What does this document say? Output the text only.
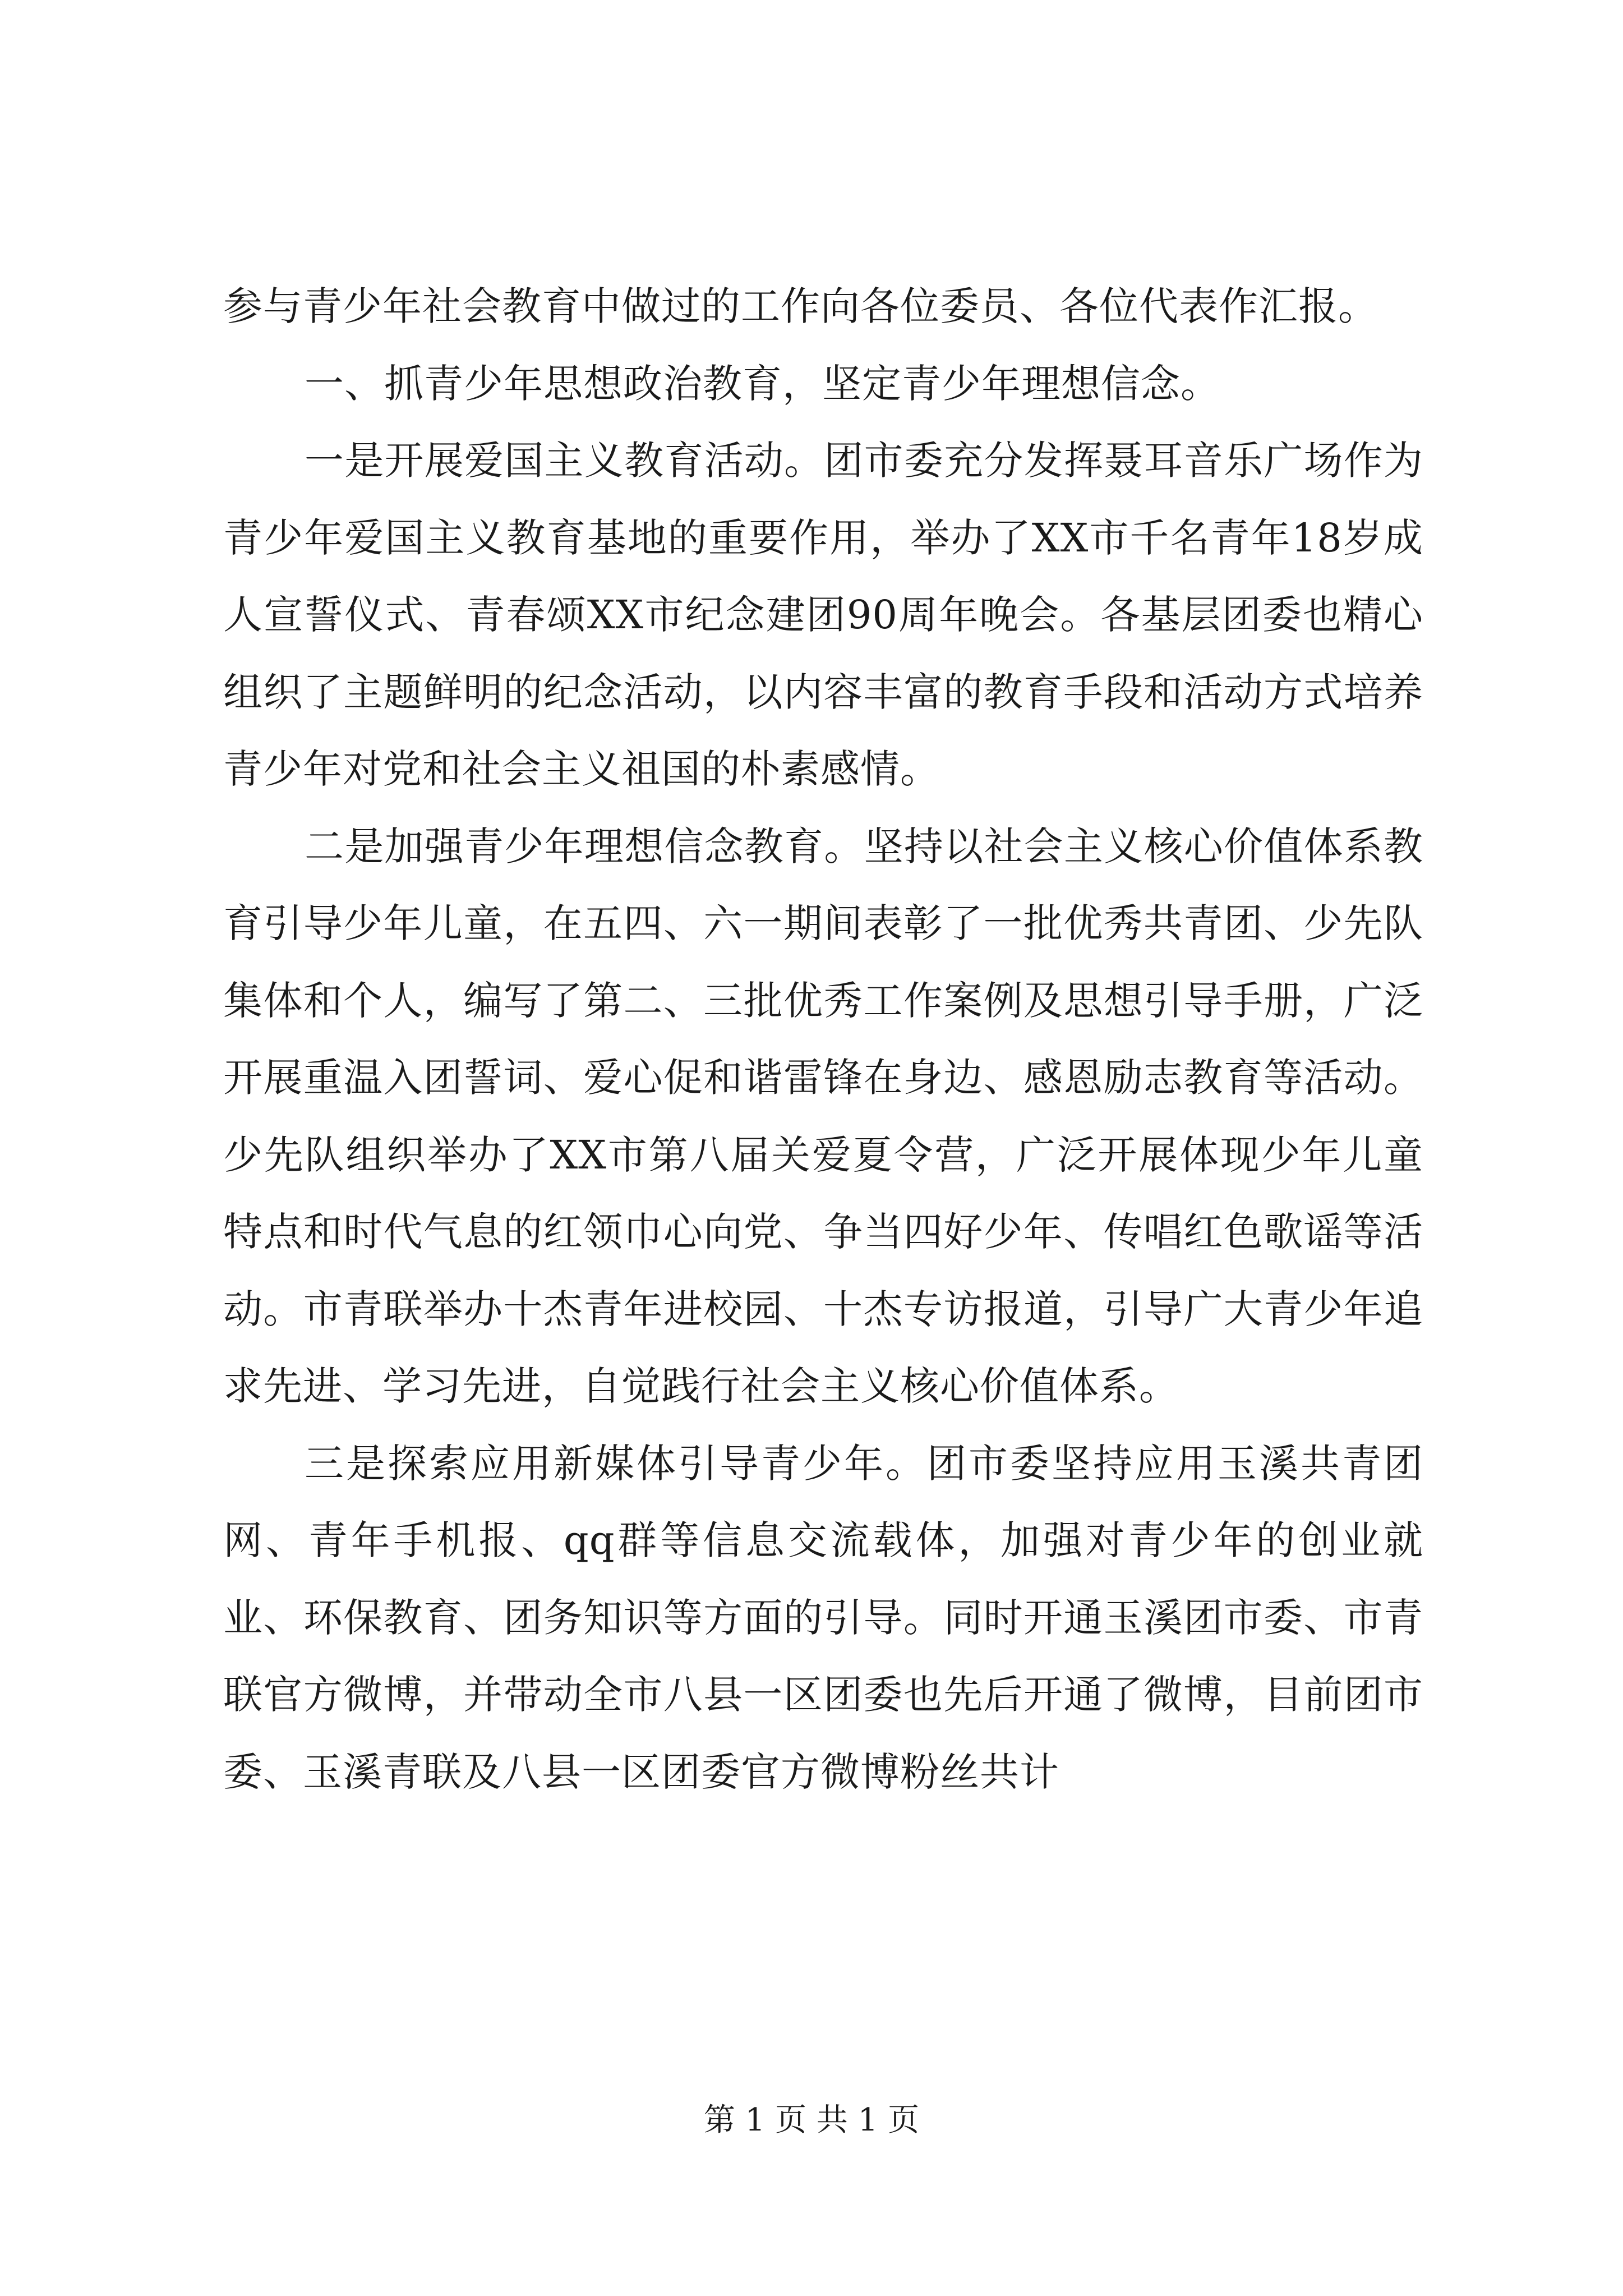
参与青少年社会教育中做过的工作向各位委员、各位代表作汇报。

一、抓青少年思想政治教育，坚定青少年理想信念。

一是开展爱国主义教育活动。团市委充分发挥聂耳音乐广场作为青少年爱国主义教育基地的重要作用，举办了XX市千名青年18岁成人宣誓仪式、青春颂XX市纪念建团90周年晚会。各基层团委也精心组织了主题鲜明的纪念活动，以内容丰富的教育手段和活动方式培养青少年对党和社会主义祖国的朴素感情。

二是加强青少年理想信念教育。坚持以社会主义核心价值体系教育引导少年儿童，在五四、六一期间表彰了一批优秀共青团、少先队集体和个人，编写了第二、三批优秀工作案例及思想引导手册，广泛开展重温入团誓词、爱心促和谐雷锋在身边、感恩励志教育等活动。少先队组织举办了XX市第八届关爱夏令营，广泛开展体现少年儿童特点和时代气息的红领巾心向党、争当四好少年、传唱红色歌谣等活动。市青联举办十杰青年进校园、十杰专访报道，引导广大青少年追求先进、学习先进，自觉践行社会主义核心价值体系。

三是探索应用新媒体引导青少年。团市委坚持应用玉溪共青团网、青年手机报、qq群等信息交流载体，加强对青少年的创业就业、环保教育、团务知识等方面的引导。同时开通玉溪团市委、市青联官方微博，并带动全市八县一区团委也先后开通了微博，目前团市委、玉溪青联及八县一区团委官方微博粉丝共计

第 1 页 共 1 页
